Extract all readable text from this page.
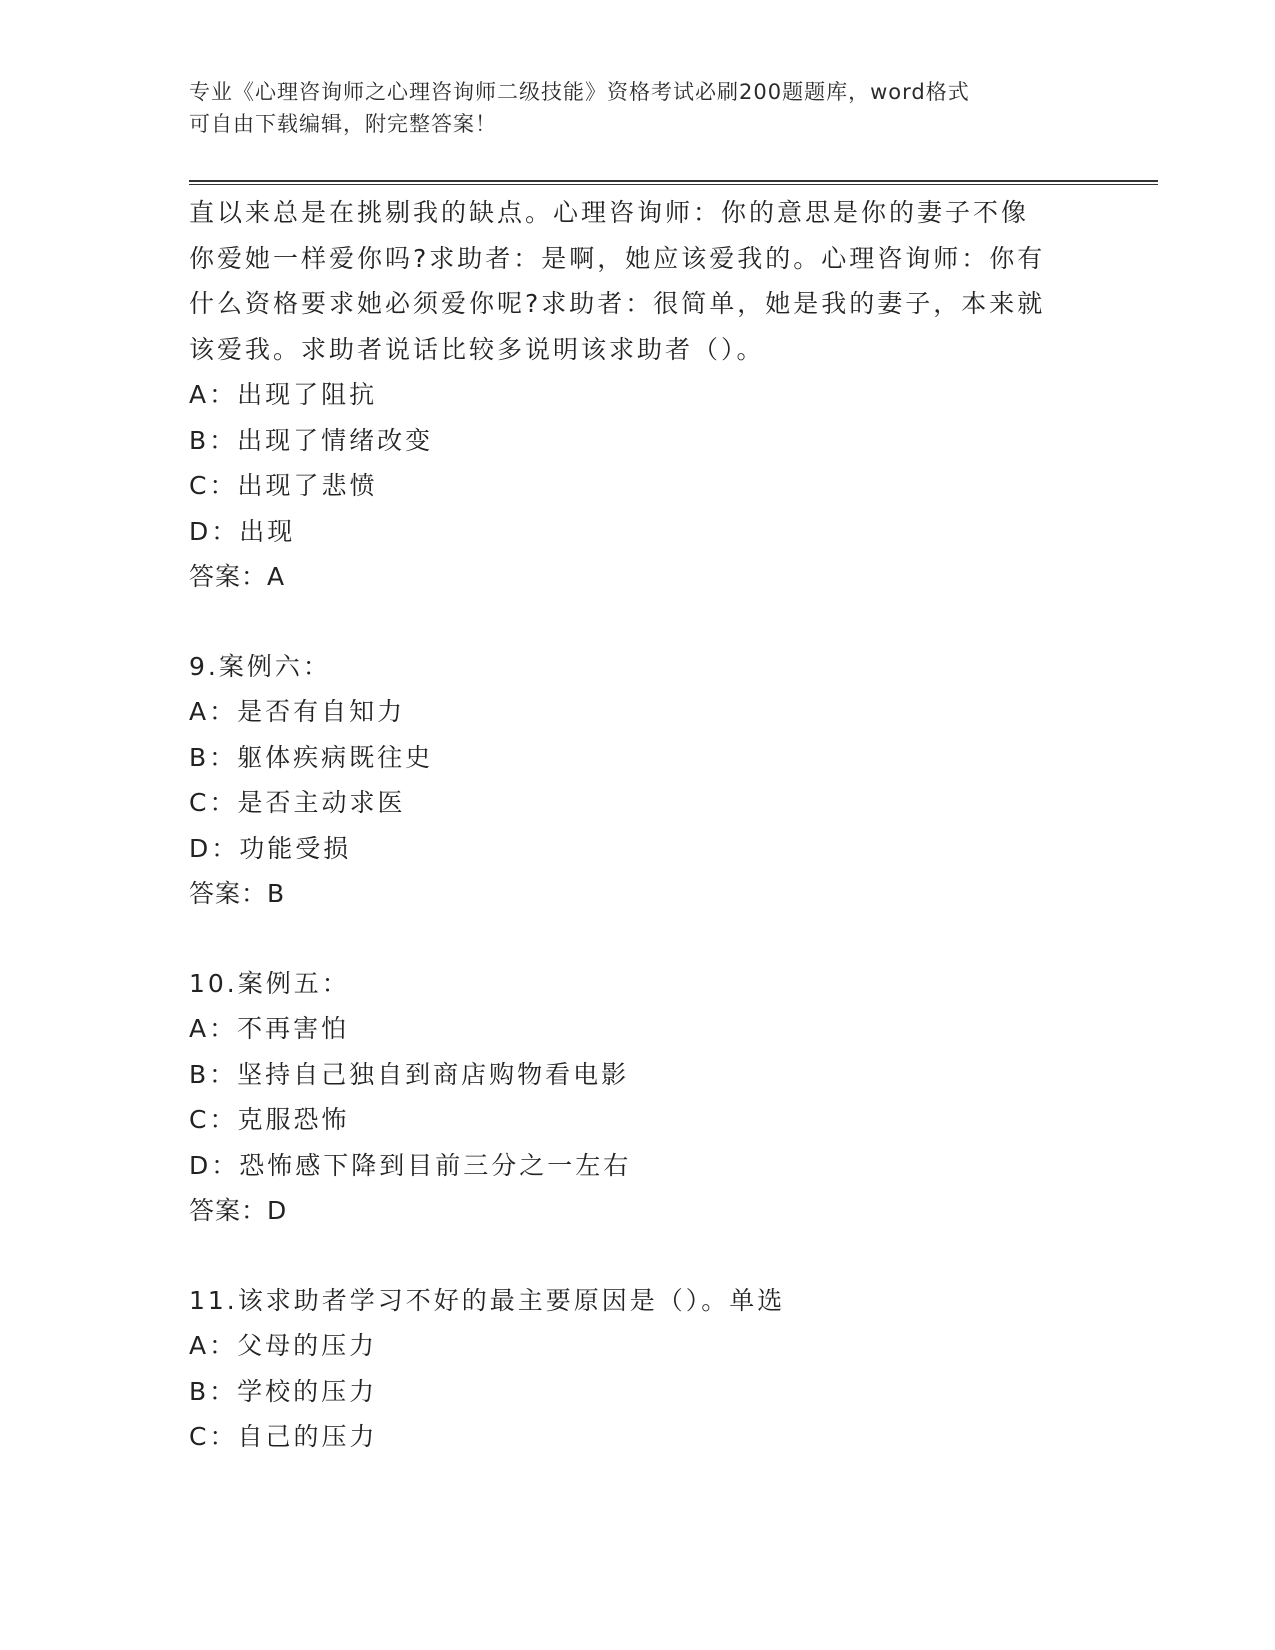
专业《心理咨询师之心理咨询师二级技能》资格考试必刷200题题库，word格式
可自由下载编辑，附完整答案！
直以来总是在挑剔我的缺点。心理咨询师：你的意思是你的妻子不像
你爱她一样爱你吗?求助者：是啊，她应该爱我的。心理咨询师：你有
什么资格要求她必须爱你呢?求助者：很简单，她是我的妻子，本来就
该爱我。求助者说话比较多说明该求助者（）。
A：出现了阻抗
B：出现了情绪改变
C：出现了悲愤
D：出现
答案：A
9.案例六：
A：是否有自知力
B：躯体疾病既往史
C：是否主动求医
D：功能受损
答案：B
10.案例五：
A：不再害怕
B：坚持自己独自到商店购物看电影
C：克服恐怖
D：恐怖感下降到目前三分之一左右
答案：D
11.该求助者学习不好的最主要原因是（）。单选
A：父母的压力
B：学校的压力
C：自己的压力
